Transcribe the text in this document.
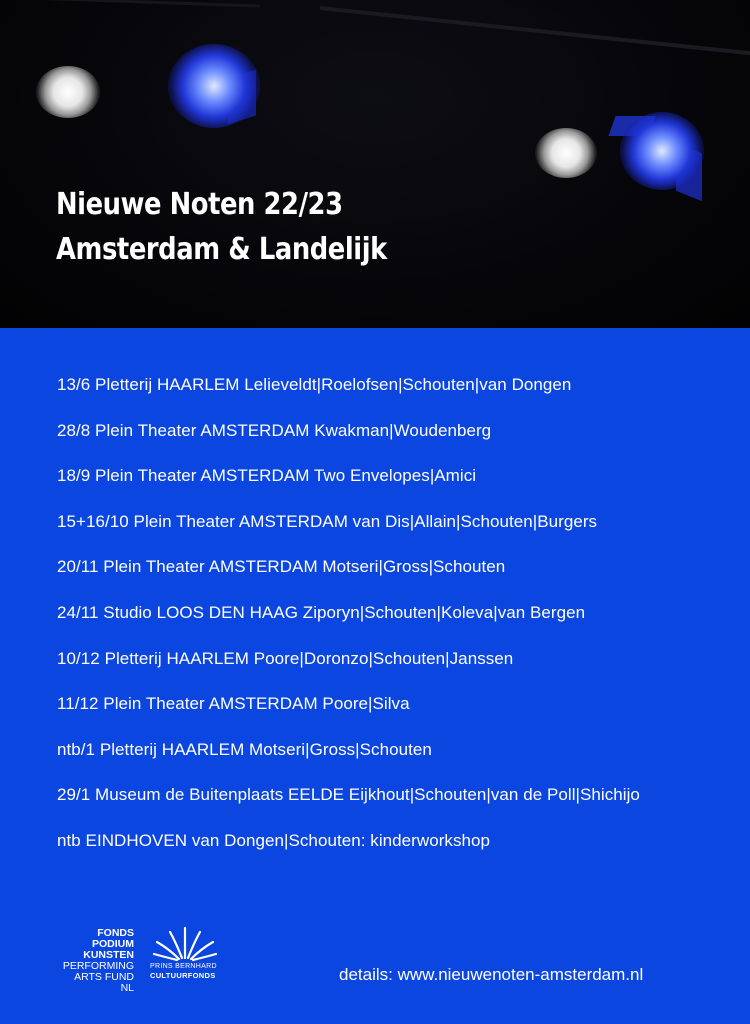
Nieuwe Noten 22/23
Amsterdam & Landelijk
13/6 Pletterij HAARLEM Lelieveldt|Roelofsen|Schouten|van Dongen
28/8 Plein Theater AMSTERDAM Kwakman|Woudenberg
18/9 Plein Theater AMSTERDAM Two Envelopes|Amici
15+16/10 Plein Theater AMSTERDAM van Dis|Allain|Schouten|Burgers
20/11 Plein Theater AMSTERDAM Motseri|Gross|Schouten
24/11 Studio LOOS DEN HAAG Ziporyn|Schouten|Koleva|van Bergen
10/12 Pletterij HAARLEM Poore|Doronzo|Schouten|Janssen
11/12 Plein Theater AMSTERDAM Poore|Silva
ntb/1 Pletterij HAARLEM Motseri|Gross|Schouten
29/1 Museum de Buitenplaats EELDE Eijkhout|Schouten|van de Poll|Shichijo
ntb EINDHOVEN van Dongen|Schouten: kinderworkshop
FONDS
PODIUM
KUNSTEN
PERFORMING
ARTS FUND NL
PRINS BERNHARD
CULTUURFONDS	details: www.nieuwenoten-amsterdam.nl
